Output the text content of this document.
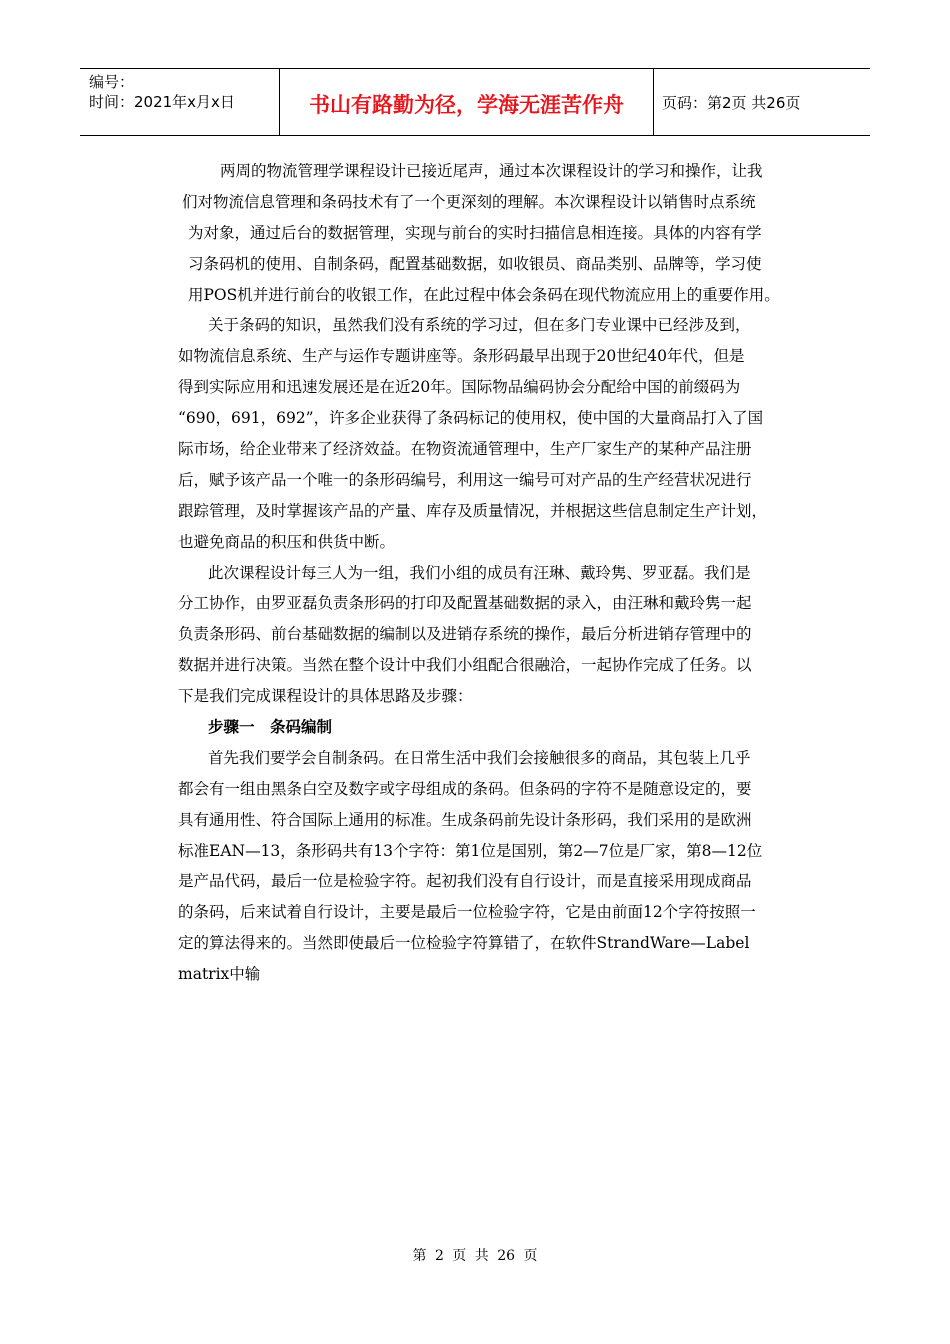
编号：
时间：2021年x月x日	书山有路勤为径，学海无涯苦作舟	页码：第2页 共26页
两周的物流管理学课程设计已接近尾声，通过本次课程设计的学习和操作，让我
们对物流信息管理和条码技术有了一个更深刻的理解。本次课程设计以销售时点系统
为对象，通过后台的数据管理，实现与前台的实时扫描信息相连接。具体的内容有学
习条码机的使用、自制条码，配置基础数据，如收银员、商品类别、品牌等，学习使
用POS机并进行前台的收银工作，在此过程中体会条码在现代物流应用上的重要作用。
关于条码的知识，虽然我们没有系统的学习过，但在多门专业课中已经涉及到，
如物流信息系统、生产与运作专题讲座等。条形码最早出现于20世纪40年代，但是
得到实际应用和迅速发展还是在近20年。国际物品编码协会分配给中国的前缀码为
“690，691，692”，许多企业获得了条码标记的使用权，使中国的大量商品打入了国
际市场，给企业带来了经济效益。在物资流通管理中，生产厂家生产的某种产品注册
后，赋予该产品一个唯一的条形码编号，利用这一编号可对产品的生产经营状况进行
跟踪管理，及时掌握该产品的产量、库存及质量情况，并根据这些信息制定生产计划，
也避免商品的积压和供货中断。
此次课程设计每三人为一组，我们小组的成员有汪琳、戴玲隽、罗亚磊。我们是
分工协作，由罗亚磊负责条形码的打印及配置基础数据的录入，由汪琳和戴玲隽一起
负责条形码、前台基础数据的编制以及进销存系统的操作，最后分析进销存管理中的
数据并进行决策。当然在整个设计中我们小组配合很融洽，一起协作完成了任务。以
下是我们完成课程设计的具体思路及步骤：
步骤一　条码编制
首先我们要学会自制条码。在日常生活中我们会接触很多的商品，其包装上几乎
都会有一组由黑条白空及数字或字母组成的条码。但条码的字符不是随意设定的，要
具有通用性、符合国际上通用的标准。生成条码前先设计条形码，我们采用的是欧洲
标准EAN—13，条形码共有13个字符：第1位是国别，第2—7位是厂家，第8—12位
是产品代码，最后一位是检验字符。起初我们没有自行设计，而是直接采用现成商品
的条码，后来试着自行设计，主要是最后一位检验字符，它是由前面12个字符按照一
定的算法得来的。当然即使最后一位检验字符算错了，在软件StrandWare—Label
matrix中输
第 2 页 共 26 页
